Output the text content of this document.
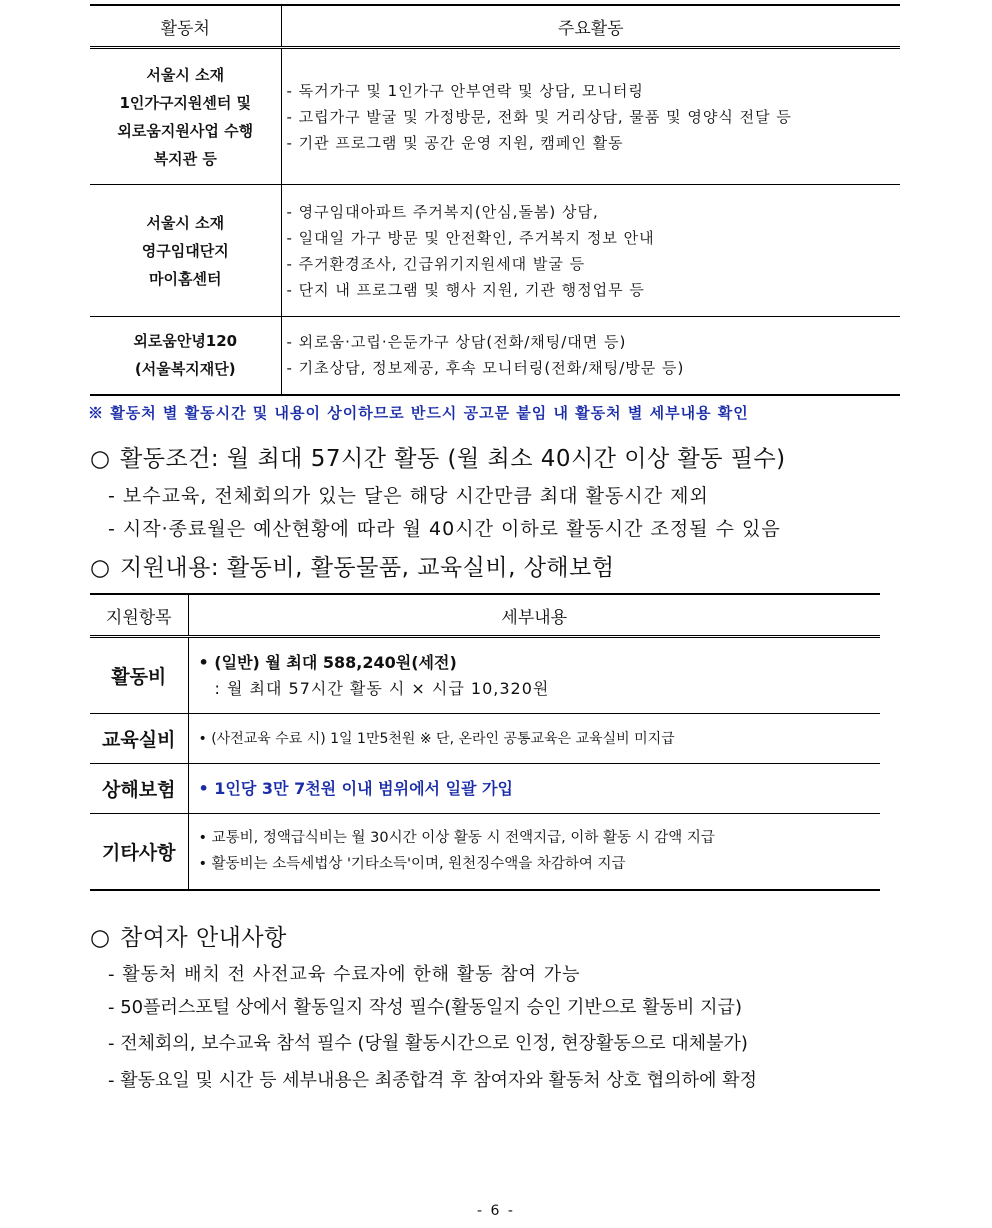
활동처	주요활동

서울시 소재
1인가구지원센터 및
외로움지원사업 수행
복지관 등	- 독거가구 및 1인가구 안부연락 및 상담, 모니터링
- 고립가구 발굴 및 가정방문, 전화 및 거리상담, 물품 및 영양식 전달 등
- 기관 프로그램 및 공간 운영 지원, 캠페인 활동

서울시 소재
영구임대단지
마이홈센터	- 영구임대아파트 주거복지(안심,돌봄) 상담,
- 일대일 가구 방문 및 안전확인, 주거복지 정보 안내
- 주거환경조사, 긴급위기지원세대 발굴 등
- 단지 내 프로그램 및 행사 지원, 기관 행정업무 등

외로움안녕120
(서울복지재단)	- 외로움·고립·은둔가구 상담(전화/채팅/대면 등)
- 기초상담, 정보제공, 후속 모니터링(전화/채팅/방문 등)
※ 활동처 별 활동시간 및 내용이 상이하므로 반드시 공고문 붙임 내 활동처 별 세부내용 확인
○ 활동조건: 월 최대 57시간 활동 (월 최소 40시간 이상 활동 필수)
- 보수교육, 전체회의가 있는 달은 해당 시간만큼 최대 활동시간 제외
- 시작·종료월은 예산현황에 따라 월 40시간 이하로 활동시간 조정될 수 있음
○ 지원내용: 활동비, 활동물품, 교육실비, 상해보험
지원항목	세부내용
활동비	• (일반) 월 최대 588,240원(세전)
: 월 최대 57시간 활동 시 × 시급 10,320원

교육실비	• (사전교육 수료 시) 1일 1만5천원 ※ 단, 온라인 공통교육은 교육실비 미지급

상해보험	• 1인당 3만 7천원 이내 범위에서 일괄 가입

기타사항	• 교통비, 정액급식비는 월 30시간 이상 활동 시 전액지급, 이하 활동 시 감액 지급
• 활동비는 소득세법상 '기타소득'이며, 원천징수액을 차감하여 지급
○ 참여자 안내사항
- 활동처 배치 전 사전교육 수료자에 한해 활동 참여 가능
- 50플러스포털 상에서 활동일지 작성 필수(활동일지 승인 기반으로 활동비 지급)
- 전체회의, 보수교육 참석 필수 (당월 활동시간으로 인정, 현장활동으로 대체불가)
- 활동요일 및 시간 등 세부내용은 최종합격 후 참여자와 활동처 상호 협의하에 확정
- 6 -
